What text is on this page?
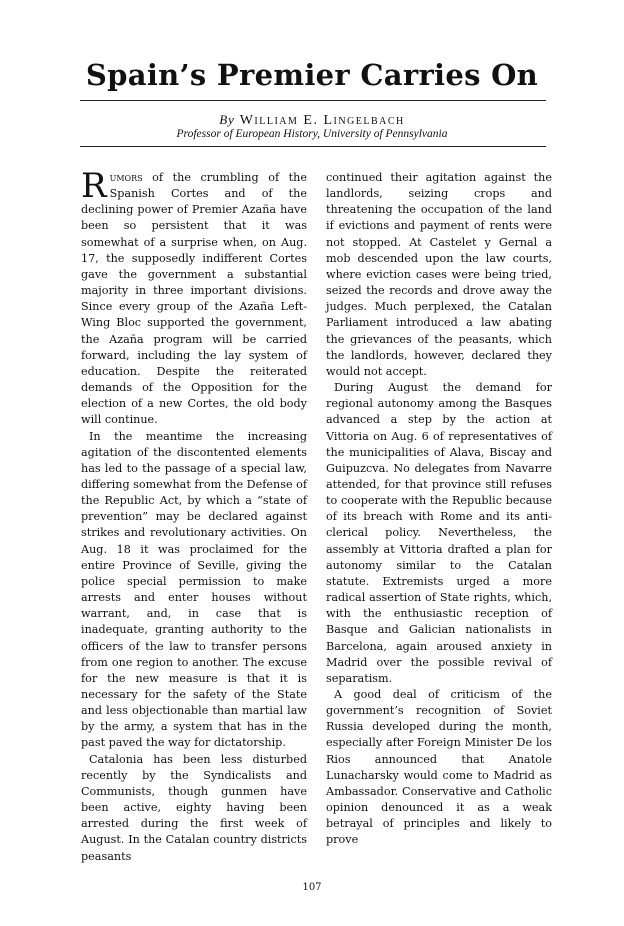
Spain’s Premier Carries On
By William E. Lingelbach
Professor of European History, University of Pennsylvania

Rumors of the crumbling of the Spanish Cortes and of the declining power of Premier Azaña have been so persistent that it was somewhat of a surprise when, on Aug. 17, the supposedly indifferent Cortes gave the government a substantial majority in three important divisions. Since every group of the Azaña Left-Wing Bloc supported the government, the Azaña program will be carried forward, including the lay system of education. Despite the reiterated demands of the Opposition for the election of a new Cortes, the old body will continue.

In the meantime the increasing agitation of the discontented elements has led to the passage of a special law, differing somewhat from the Defense of the Republic Act, by which a “state of prevention” may be declared against strikes and revolutionary activities. On Aug. 18 it was proclaimed for the entire Province of Seville, giving the police special permission to make arrests and enter houses without warrant, and, in case that is inadequate, granting authority to the officers of the law to transfer persons from one region to another. The excuse for the new measure is that it is necessary for the safety of the State and less objectionable than martial law by the army, a system that has in the past paved the way for dictatorship.

Catalonia has been less disturbed recently by the Syndicalists and Communists, though gunmen have been active, eighty having been arrested during the first week of August. In the Catalan country districts peasants

continued their agitation against the landlords, seizing crops and threatening the occupation of the land if evictions and payment of rents were not stopped. At Castelet y Gernal a mob descended upon the law courts, where eviction cases were being tried, seized the records and drove away the judges. Much perplexed, the Catalan Parliament introduced a law abating the grievances of the peasants, which the landlords, however, declared they would not accept.

During August the demand for regional autonomy among the Basques advanced a step by the action at Vittoria on Aug. 6 of representatives of the municipalities of Alava, Biscay and Guipuzcva. No delegates from Navarre attended, for that province still refuses to cooperate with the Republic because of its breach with Rome and its anti-clerical policy. Nevertheless, the assembly at Vittoria drafted a plan for autonomy similar to the Catalan statute. Extremists urged a more radical assertion of State rights, which, with the enthusiastic reception of Basque and Galician nationalists in Barcelona, again aroused anxiety in Madrid over the possible revival of separatism.

A good deal of criticism of the government’s recognition of Soviet Russia developed during the month, especially after Foreign Minister De los Rios announced that Anatole Lunacharsky would come to Madrid as Ambassador. Conservative and Catholic opinion denounced it as a weak betrayal of principles and likely to prove

107
